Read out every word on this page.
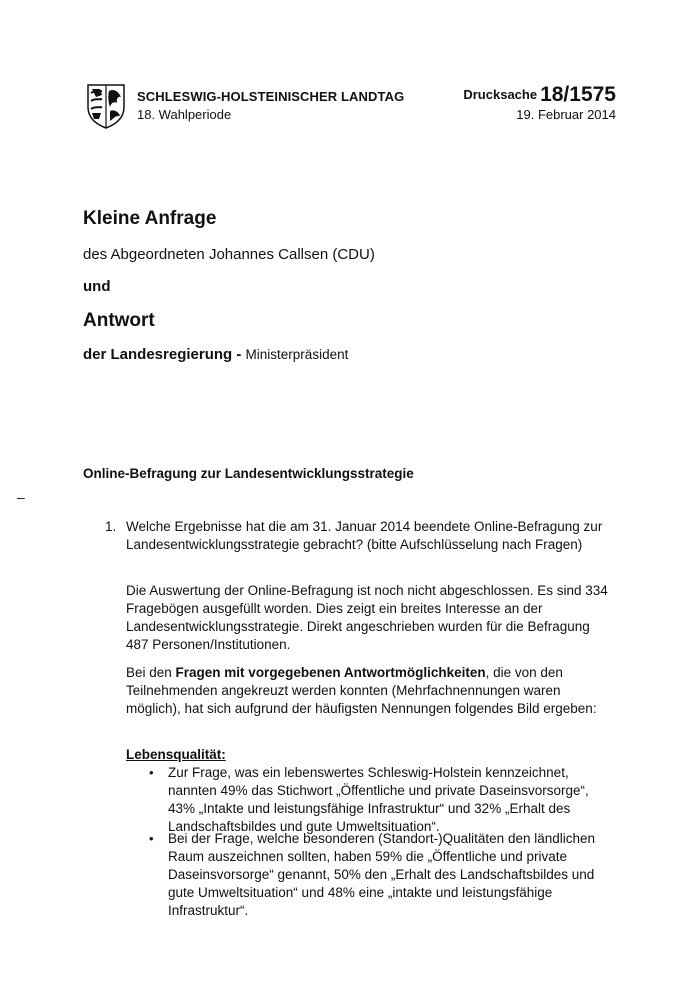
SCHLESWIG-HOLSTEINISCHER LANDTAG
18. Wahlperiode
Drucksache 18/1575
19. Februar 2014
Kleine Anfrage
des Abgeordneten Johannes Callsen (CDU)
und
Antwort
der Landesregierung - Ministerpräsident
Online-Befragung zur Landesentwicklungsstrategie
–
1. Welche Ergebnisse hat die am 31. Januar 2014 beendete Online-Befragung zur Landesentwicklungsstrategie gebracht? (bitte Aufschlüsselung nach Fragen)
Die Auswertung der Online-Befragung ist noch nicht abgeschlossen. Es sind 334 Fragebögen ausgefüllt worden. Dies zeigt ein breites Interesse an der Landesentwicklungsstrategie. Direkt angeschrieben wurden für die Befragung 487 Personen/Institutionen.
Bei den Fragen mit vorgegebenen Antwortmöglichkeiten, die von den Teilnehmenden angekreuzt werden konnten (Mehrfachnennungen waren möglich), hat sich aufgrund der häufigsten Nennungen folgendes Bild ergeben:
Lebensqualität:
• Zur Frage, was ein lebenswertes Schleswig-Holstein kennzeichnet, nannten 49% das Stichwort „Öffentliche und private Daseinsvorsorge“, 43% „Intakte und leistungsfähige Infrastruktur“ und 32% „Erhalt des Landschaftsbildes und gute Umweltsituation“.
• Bei der Frage, welche besonderen (Standort-)Qualitäten den ländlichen Raum auszeichnen sollten, haben 59% die „Öffentliche und private Daseinsvorsorge“ genannt, 50% den „Erhalt des Landschaftsbildes und gute Umweltsituation“ und 48% eine „intakte und leistungsfähige Infrastruktur“.
